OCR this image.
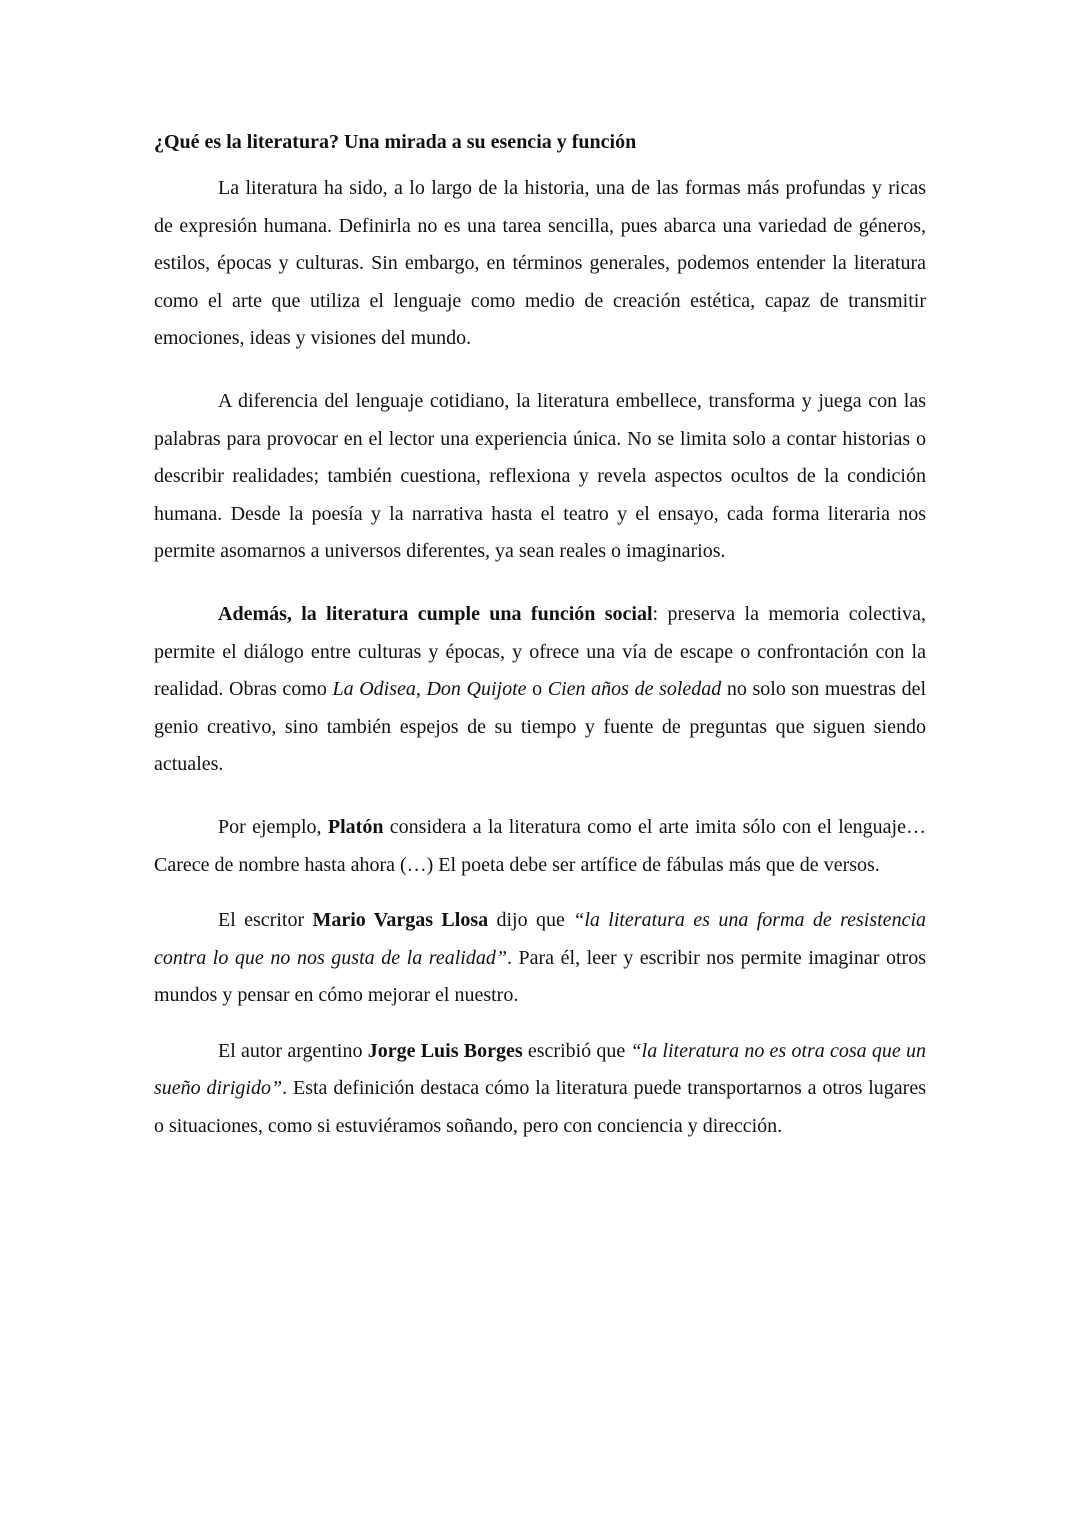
¿Qué es la literatura? Una mirada a su esencia y función

La literatura ha sido, a lo largo de la historia, una de las formas más profundas y ricas de expresión humana. Definirla no es una tarea sencilla, pues abarca una variedad de géneros, estilos, épocas y culturas. Sin embargo, en términos generales, podemos entender la literatura como el arte que utiliza el lenguaje como medio de creación estética, capaz de transmitir emociones, ideas y visiones del mundo.

A diferencia del lenguaje cotidiano, la literatura embellece, transforma y juega con las palabras para provocar en el lector una experiencia única. No se limita solo a contar historias o describir realidades; también cuestiona, reflexiona y revela aspectos ocultos de la condición humana. Desde la poesía y la narrativa hasta el teatro y el ensayo, cada forma literaria nos permite asomarnos a universos diferentes, ya sean reales o imaginarios.

Además, la literatura cumple una función social: preserva la memoria colectiva, permite el diálogo entre culturas y épocas, y ofrece una vía de escape o confrontación con la realidad. Obras como La Odisea, Don Quijote o Cien años de soledad no solo son muestras del genio creativo, sino también espejos de su tiempo y fuente de preguntas que siguen siendo actuales.

Por ejemplo, Platón considera a la literatura como el arte imita sólo con el lenguaje… Carece de nombre hasta ahora (…) El poeta debe ser artífice de fábulas más que de versos.

El escritor Mario Vargas Llosa dijo que “la literatura es una forma de resistencia contra lo que no nos gusta de la realidad”. Para él, leer y escribir nos permite imaginar otros mundos y pensar en cómo mejorar el nuestro.

El autor argentino Jorge Luis Borges escribió que “la literatura no es otra cosa que un sueño dirigido”. Esta definición destaca cómo la literatura puede transportarnos a otros lugares o situaciones, como si estuviéramos soñando, pero con conciencia y dirección.
